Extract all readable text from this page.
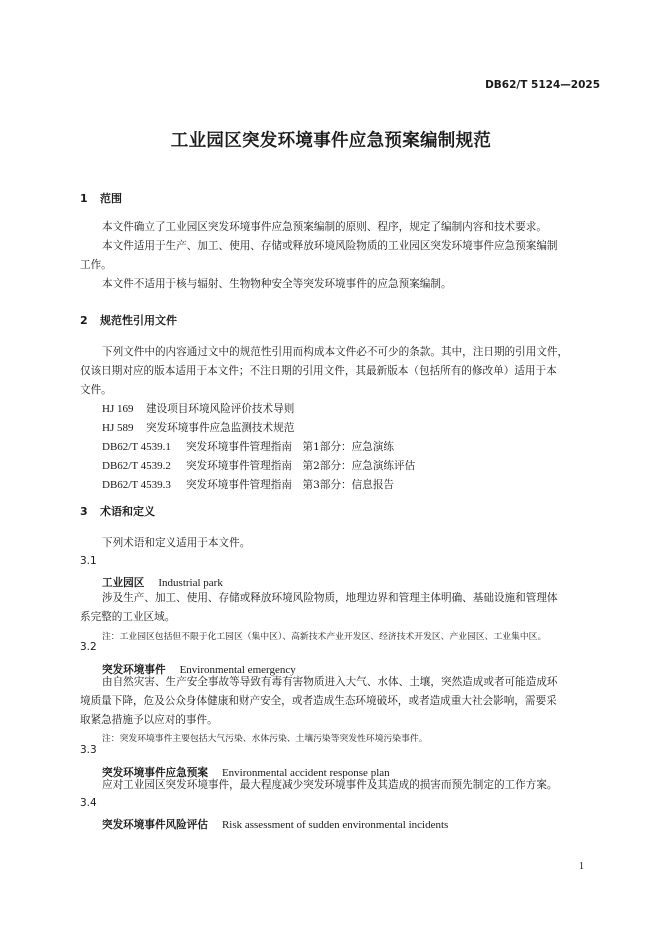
DB62/T 5124—2025
工业园区突发环境事件应急预案编制规范
1 范围
本文件确立了工业园区突发环境事件应急预案编制的原则、程序，规定了编制内容和技术要求。
本文件适用于生产、加工、使用、存储或释放环境风险物质的工业园区突发环境事件应急预案编制
工作。
本文件不适用于核与辐射、生物物种安全等突发环境事件的应急预案编制。
2 规范性引用文件
下列文件中的内容通过文中的规范性引用而构成本文件必不可少的条款。其中，注日期的引用文件，
仅该日期对应的版本适用于本文件；不注日期的引用文件，其最新版本（包括所有的修改单）适用于本
文件。
HJ 169 建设项目环境风险评价技术导则
HJ 589 突发环境事件应急监测技术规范
DB62/T 4539.1 突发环境事件管理指南　第1部分：应急演练
DB62/T 4539.2 突发环境事件管理指南　第2部分：应急演练评估
DB62/T 4539.3 突发环境事件管理指南　第3部分：信息报告
3 术语和定义
下列术语和定义适用于本文件。
3.1
工业园区 Industrial park
涉及生产、加工、使用、存储或释放环境风险物质，地理边界和管理主体明确、基础设施和管理体
系完整的工业区域。
注：工业园区包括但不限于化工园区（集中区）、高新技术产业开发区、经济技术开发区、产业园区、工业集中区。
3.2
突发环境事件 Environmental emergency
由自然灾害、生产安全事故等导致有毒有害物质进入大气、水体、土壤，突然造成或者可能造成环
境质量下降，危及公众身体健康和财产安全，或者造成生态环境破坏，或者造成重大社会影响，需要采
取紧急措施予以应对的事件。
注：突发环境事件主要包括大气污染、水体污染、土壤污染等突发性环境污染事件。
3.3
突发环境事件应急预案 Environmental accident response plan
应对工业园区突发环境事件，最大程度减少突发环境事件及其造成的损害而预先制定的工作方案。
3.4
突发环境事件风险评估 Risk assessment of sudden environmental incidents
1
